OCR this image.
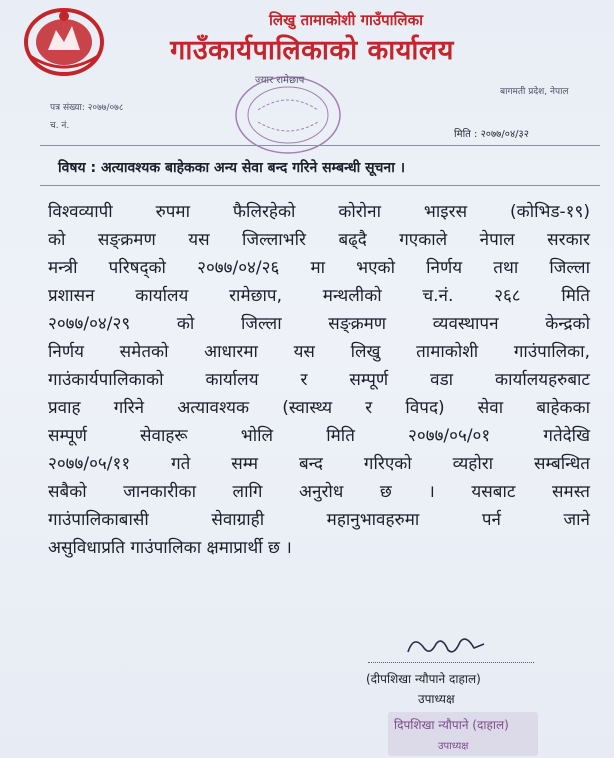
लिखु तामाकोशी गाउँपालिका
गाउँकार्यपालिकाको कार्यालय
ज्यार रामेछाप
बागमती प्रदेश, नेपाल
पत्र संख्या: २०७७/०७८
च. नं.
मिति : २०७७/०४/३२
विषय : अत्यावश्यक बाहेकका अन्य सेवा बन्द गरिने सम्बन्धी सूचना ।
विश्वव्यापी रुपमा फैलिरहेको कोरोना भाइरस (कोभिड-१९)
को सङ्क्रमण यस जिल्लाभरि बढ्दै गएकाले नेपाल सरकार
मन्त्री परिषद्को २०७७/०४/२६ मा भएको निर्णय तथा जिल्ला
प्रशासन कार्यालय रामेछाप, मन्थलीको च.नं. २६८ मिति
२०७७/०४/२९ को जिल्ला सङ्क्रमण व्यवस्थापन केन्द्रको
निर्णय समेतको आधारमा यस लिखु तामाकोशी गाउंपालिका,
गाउंकार्यपालिकाको कार्यालय र सम्पूर्ण वडा कार्यालयहरुबाट
प्रवाह गरिने अत्यावश्यक (स्वास्थ्य र विपद) सेवा बाहेकका
सम्पूर्ण सेवाहरू भोलि मिति २०७७/०५/०१ गतेदेखि
२०७७/०५/११ गते सम्म बन्द गरिएको व्यहोरा सम्बन्धित
सबैको जानकारीका लागि अनुरोध छ । यसबाट समस्त
गाउंपालिकाबासी सेवाग्राही महानुभावहरुमा पर्न जाने
असुविधाप्रति गाउंपालिका क्षमाप्रार्थी छ ।
(दीपशिखा न्यौपाने दाहाल)
उपाध्यक्ष
दिपशिखा न्यौपाने (दाहाल)
उपाध्यक्ष
